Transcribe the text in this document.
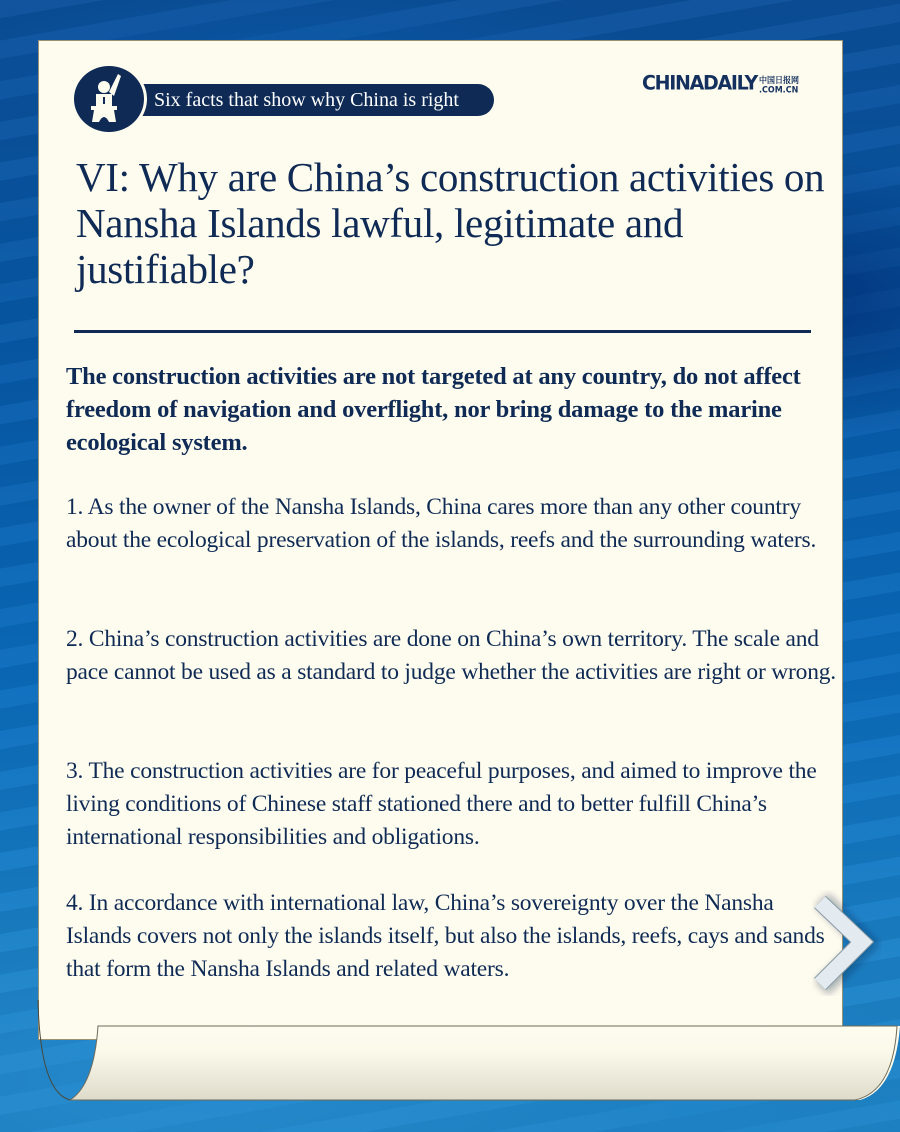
Six facts that show why China is right
CHINADAILY 中国日报网
.COM.CN
VI: Why are China’s construction activities on Nansha Islands lawful, legitimate and justifiable?
The construction activities are not targeted at any country, do not affect freedom of navigation and overflight, nor bring damage to the marine ecological system.
1. As the owner of the Nansha Islands, China cares more than any other country about the ecological preservation of the islands, reefs and the surrounding waters.
2. China’s construction activities are done on China’s own territory. The scale and pace cannot be used as a standard to judge whether the activities are right or wrong.
3. The construction activities are for peaceful purposes, and aimed to improve the living conditions of Chinese staff stationed there and to better fulfill China’s international responsibilities and obligations.
4. In accordance with international law, China’s sovereignty over the Nansha Islands covers not only the islands itself, but also the islands, reefs, cays and sands that form the Nansha Islands and related waters.
